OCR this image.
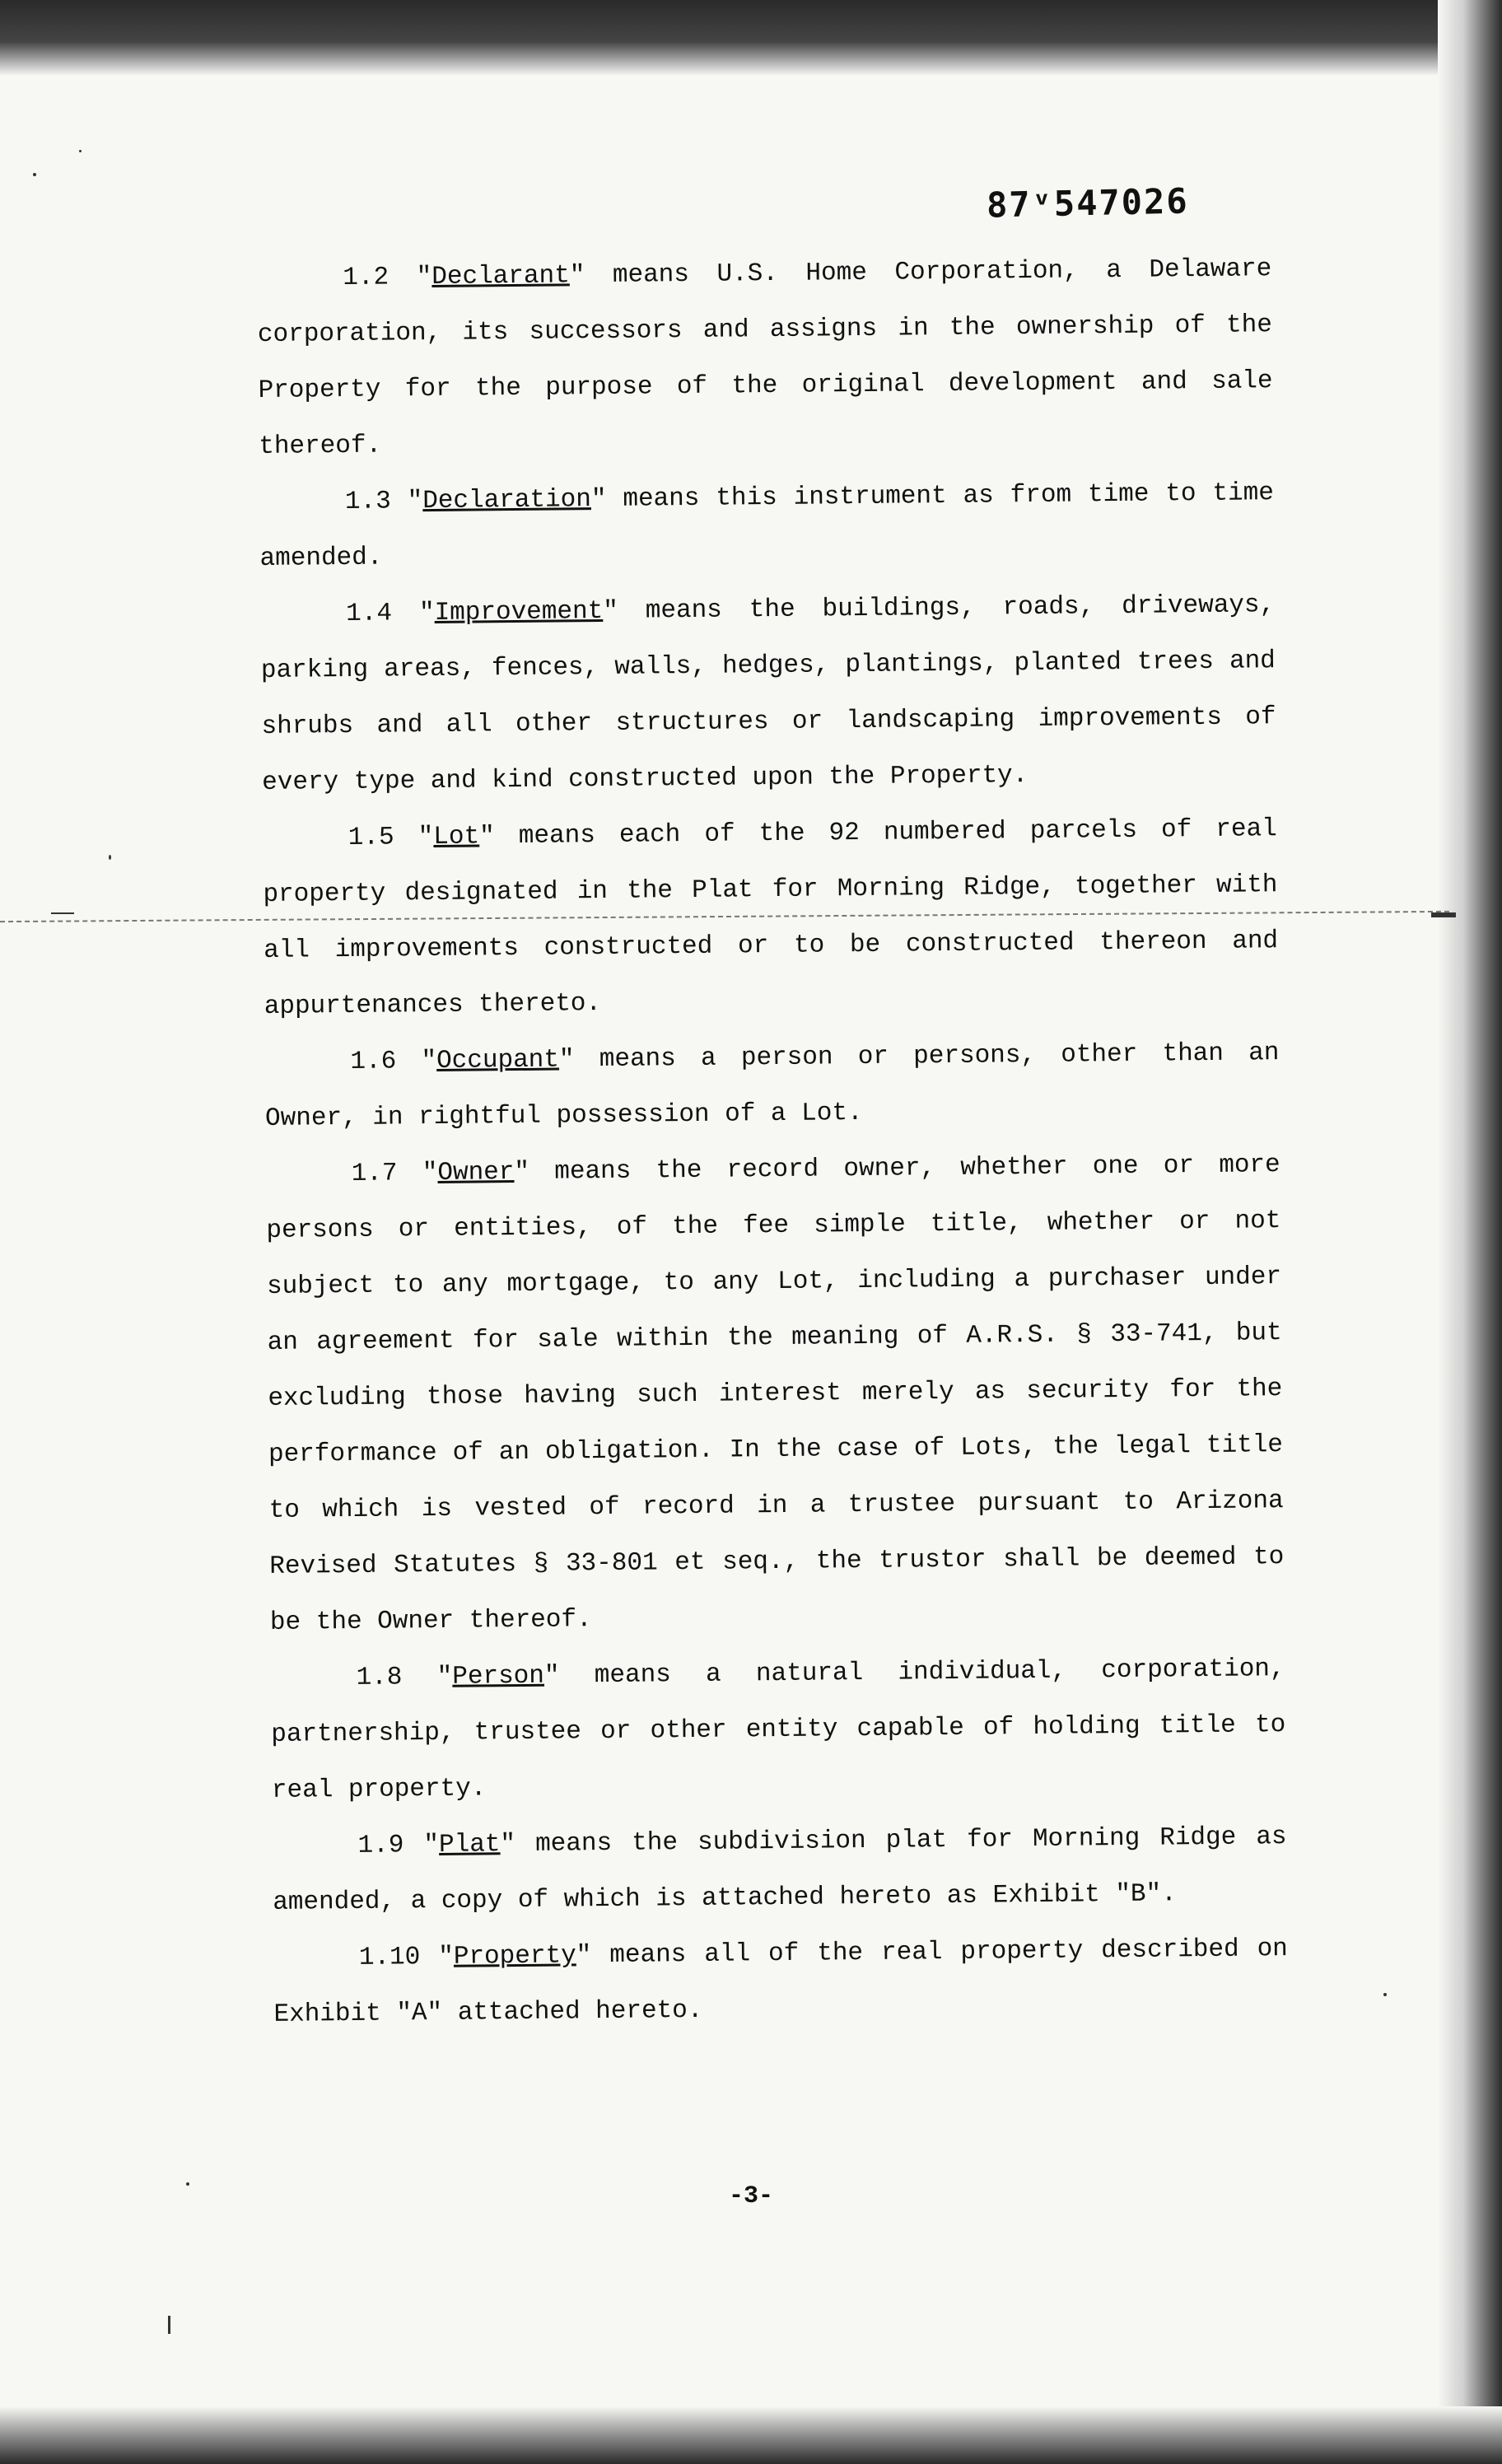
87ᵛ547026

1.2 "Declarant" means U.S. Home Corporation, a Delaware corporation, its successors and assigns in the ownership of the Property for the purpose of the original development and sale thereof.

1.3 "Declaration" means this instrument as from time to time amended.

1.4 "Improvement" means the buildings, roads, driveways, parking areas, fences, walls, hedges, plantings, planted trees and shrubs and all other structures or landscaping improvements of every type and kind constructed upon the Property.

1.5 "Lot" means each of the 92 numbered parcels of real property designated in the Plat for Morning Ridge, together with all improvements constructed or to be constructed thereon and appurtenances thereto.

1.6 "Occupant" means a person or persons, other than an Owner, in rightful possession of a Lot.

1.7 "Owner" means the record owner, whether one or more persons or entities, of the fee simple title, whether or not subject to any mortgage, to any Lot, including a purchaser under an agreement for sale within the meaning of A.R.S. § 33-741, but excluding those having such interest merely as security for the performance of an obligation. In the case of Lots, the legal title to which is vested of record in a trustee pursuant to Arizona Revised Statutes § 33-801 et seq., the trustor shall be deemed to be the Owner thereof.

1.8 "Person" means a natural individual, corporation, partnership, trustee or other entity capable of holding title to real property.

1.9 "Plat" means the subdivision plat for Morning Ridge as amended, a copy of which is attached hereto as Exhibit "B".

1.10 "Property" means all of the real property described on Exhibit "A" attached hereto.

-3-
